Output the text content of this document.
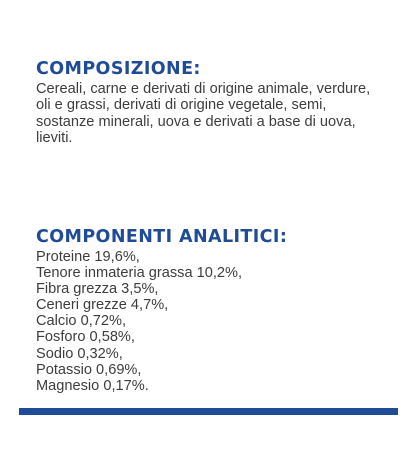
COMPOSIZIONE:

Cereali, carne e derivati di origine animale, verdure, oli e grassi, derivati di origine vegetale, semi, sostanze minerali, uova e derivati a base di uova, lieviti.

COMPONENTI ANALITICI:
Proteine 19,6%,
Tenore inmateria grassa 10,2%,
Fibra grezza 3,5%,
Ceneri grezze 4,7%,
Calcio 0,72%,
Fosforo 0,58%,
Sodio 0,32%,
Potassio 0,69%,
Magnesio 0,17%.
